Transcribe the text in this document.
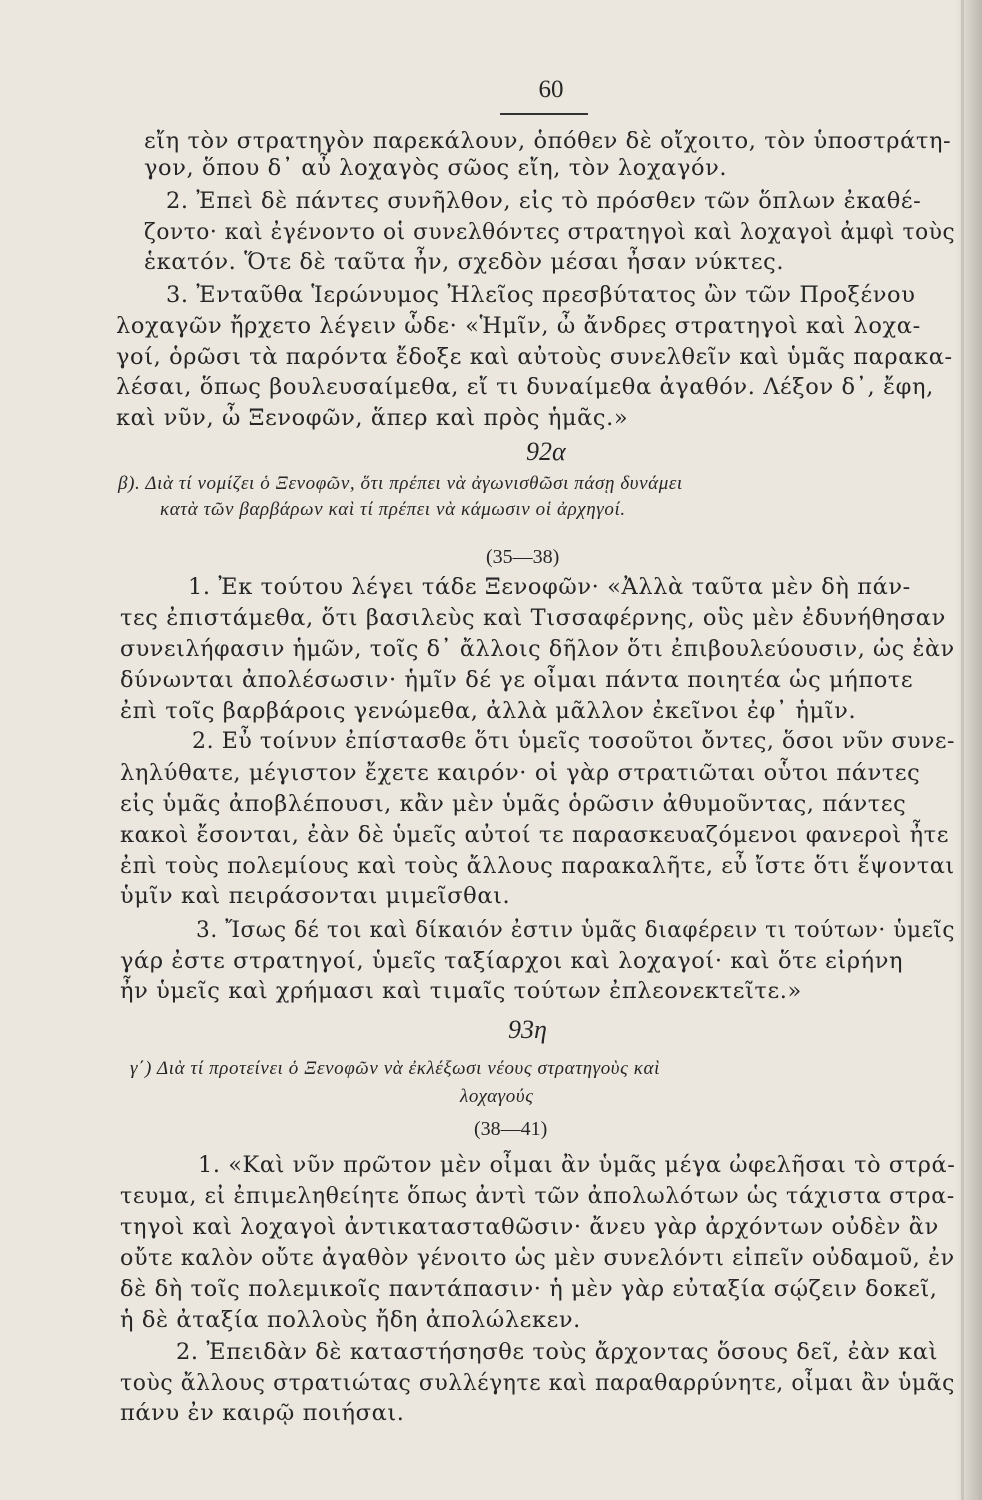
60
εἴη τὸν στρατηγὸν παρεκάλουν, ὁπόθεν δὲ οἴχοιτο, τὸν ὑποστράτη-
γον, ὅπου δ᾽ αὖ λοχαγὸς σῶος εἴη, τὸν λοχαγόν.
2. Ἐπεὶ δὲ πάντες συνῆλθον, εἰς τὸ πρόσθεν τῶν ὅπλων ἐκαθέ-
ζοντο· καὶ ἐγένοντο οἱ συνελθόντες στρατηγοὶ καὶ λοχαγοὶ ἀμφὶ τοὺς
ἑκατόν. Ὅτε δὲ ταῦτα ἦν, σχεδὸν μέσαι ἦσαν νύκτες.
3. Ἐνταῦθα Ἱερώνυμος Ἠλεῖος πρεσβύτατος ὢν τῶν Προξένου
λοχαγῶν ἤρχετο λέγειν ὧδε· «Ἡμῖν, ὦ ἄνδρες στρατηγοὶ καὶ λοχα-
γοί, ὁρῶσι τὰ παρόντα ἔδοξε καὶ αὐτοὺς συνελθεῖν καὶ ὑμᾶς παρακα-
λέσαι, ὅπως βουλευσαίμεθα, εἴ τι δυναίμεθα ἀγαθόν. Λέξον δ᾽, ἔφη,
καὶ νῦν, ὦ Ξενοφῶν, ἅπερ καὶ πρὸς ἡμᾶς.»
92α
β). Διὰ τί νομίζει ὁ Ξενοφῶν, ὅτι πρέπει νὰ ἀγωνισθῶσι πάσῃ δυνάμει
κατὰ τῶν βαρβάρων καὶ τί πρέπει νὰ κάμωσιν οἱ ἀρχηγοί.
(35—38)
1. Ἐκ τούτου λέγει τάδε Ξενοφῶν· «Ἀλλὰ ταῦτα μὲν δὴ πάν-
τες ἐπιστάμεθα, ὅτι βασιλεὺς καὶ Τισσαφέρνης, οὓς μὲν ἐδυνήθησαν
συνειλήφασιν ἡμῶν, τοῖς δ᾽ ἄλλοις δῆλον ὅτι ἐπιβουλεύουσιν, ὡς ἐὰν
δύνωνται ἀπολέσωσιν· ἡμῖν δέ γε οἶμαι πάντα ποιητέα ὡς μήποτε
ἐπὶ τοῖς βαρβάροις γενώμεθα, ἀλλὰ μᾶλλον ἐκεῖνοι ἐφ᾽ ἡμῖν.
2. Εὖ τοίνυν ἐπίστασθε ὅτι ὑμεῖς τοσοῦτοι ὄντες, ὅσοι νῦν συνε-
ληλύθατε, μέγιστον ἔχετε καιρόν· οἱ γὰρ στρατιῶται οὗτοι πάντες
εἰς ὑμᾶς ἀποβλέπουσι, κἂν μὲν ὑμᾶς ὁρῶσιν ἀθυμοῦντας, πάντες
κακοὶ ἔσονται, ἐὰν δὲ ὑμεῖς αὐτοί τε παρασκευαζόμενοι φανεροὶ ἦτε
ἐπὶ τοὺς πολεμίους καὶ τοὺς ἄλλους παρακαλῆτε, εὖ ἴστε ὅτι ἕψονται
ὑμῖν καὶ πειράσονται μιμεῖσθαι.
3. Ἴσως δέ τοι καὶ δίκαιόν ἐστιν ὑμᾶς διαφέρειν τι τούτων· ὑμεῖς
γάρ ἐστε στρατηγοί, ὑμεῖς ταξίαρχοι καὶ λοχαγοί· καὶ ὅτε εἰρήνη
ἦν ὑμεῖς καὶ χρήμασι καὶ τιμαῖς τούτων ἐπλεονεκτεῖτε.»
93η
γ΄) Διὰ τί προτείνει ὁ Ξενοφῶν νὰ ἐκλέξωσι νέους στρατηγοὺς καὶ
λοχαγούς
(38—41)
1. «Καὶ νῦν πρῶτον μὲν οἶμαι ἂν ὑμᾶς μέγα ὠφελῆσαι τὸ στρά-
τευμα, εἰ ἐπιμεληθείητε ὅπως ἀντὶ τῶν ἀπολωλότων ὡς τάχιστα στρα-
τηγοὶ καὶ λοχαγοὶ ἀντικατασταθῶσιν· ἄνευ γὰρ ἀρχόντων οὐδὲν ἂν
οὔτε καλὸν οὔτε ἀγαθὸν γένοιτο ὡς μὲν συνελόντι εἰπεῖν οὐδαμοῦ, ἐν
δὲ δὴ τοῖς πολεμικοῖς παντάπασιν· ἡ μὲν γὰρ εὐταξία σῴζειν δοκεῖ,
ἡ δὲ ἀταξία πολλοὺς ἤδη ἀπολώλεκεν.
2. Ἐπειδὰν δὲ καταστήσησθε τοὺς ἄρχοντας ὅσους δεῖ, ἐὰν καὶ
τοὺς ἄλλους στρατιώτας συλλέγητε καὶ παραθαρρύνητε, οἶμαι ἂν ὑμᾶς
πάνυ ἐν καιρῷ ποιήσαι.
